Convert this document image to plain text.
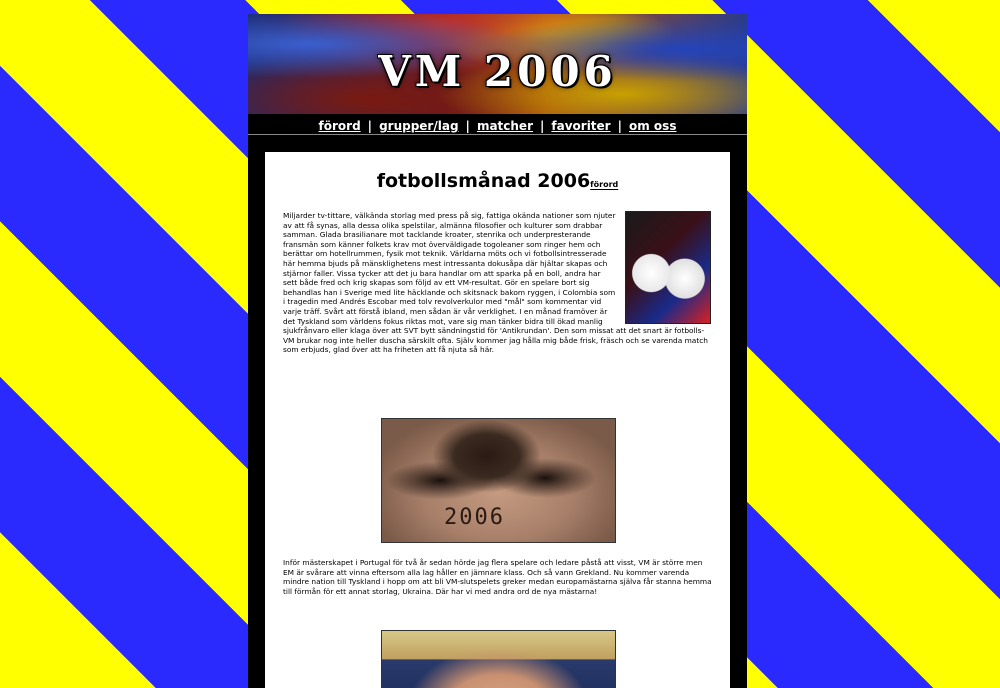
VM 2006
förord | grupper/lag | matcher | favoriter | om oss
fotbollsmånad 2006förord
Miljarder tv-tittare, välkända storlag med press på sig, fattiga okända nationer som njuter av att få synas, alla dessa olika spelstilar, almänna filosofier och kulturer som drabbar samman. Glada brasilianare mot tacklande kroater, stenrika och underpresterande fransmän som känner folkets krav mot överväldigade togoleaner som ringer hem och berättar om hotellrummen, fysik mot teknik. Världarna möts och vi fotbollsintresserade här hemma bjuds på mänsklighetens mest intressanta dokusåpa där hjältar skapas och stjärnor faller. Vissa tycker att det ju bara handlar om att sparka på en boll, andra har sett både fred och krig skapas som följd av ett VM-resultat. Gör en spelare bort sig behandlas han i Sverige med lite häcklande och skitsnack bakom ryggen, i Colombia som i tragedin med Andrés Escobar med tolv revolverkulor med "mål" som kommentar vid varje träff. Svårt att förstå ibland, men sådan är vår verklighet. I en månad framöver är det Tyskland som världens fokus riktas mot, vare sig man tänker bidra till ökad manlig sjukfrånvaro eller klaga över att SVT bytt sändningstid för 'Antikrundan'. Den som missat att det snart är fotbolls-VM brukar nog inte heller duscha särskilt ofta. Själv kommer jag hålla mig både frisk, fräsch och se varenda match som erbjuds, glad över att ha friheten att få njuta så här.
2006

Inför mästerskapet i Portugal för två år sedan hörde jag flera spelare och ledare påstå att visst, VM är större men EM är svårare att vinna eftersom alla lag håller en jämnare klass. Och så vann Grekland. Nu kommer varenda mindre nation till Tyskland i hopp om att bli VM-slutspelets greker medan europamästarna själva får stanna hemma till förmån för ett annat storlag, Ukraina. Där har vi med andra ord de nya mästarna!
